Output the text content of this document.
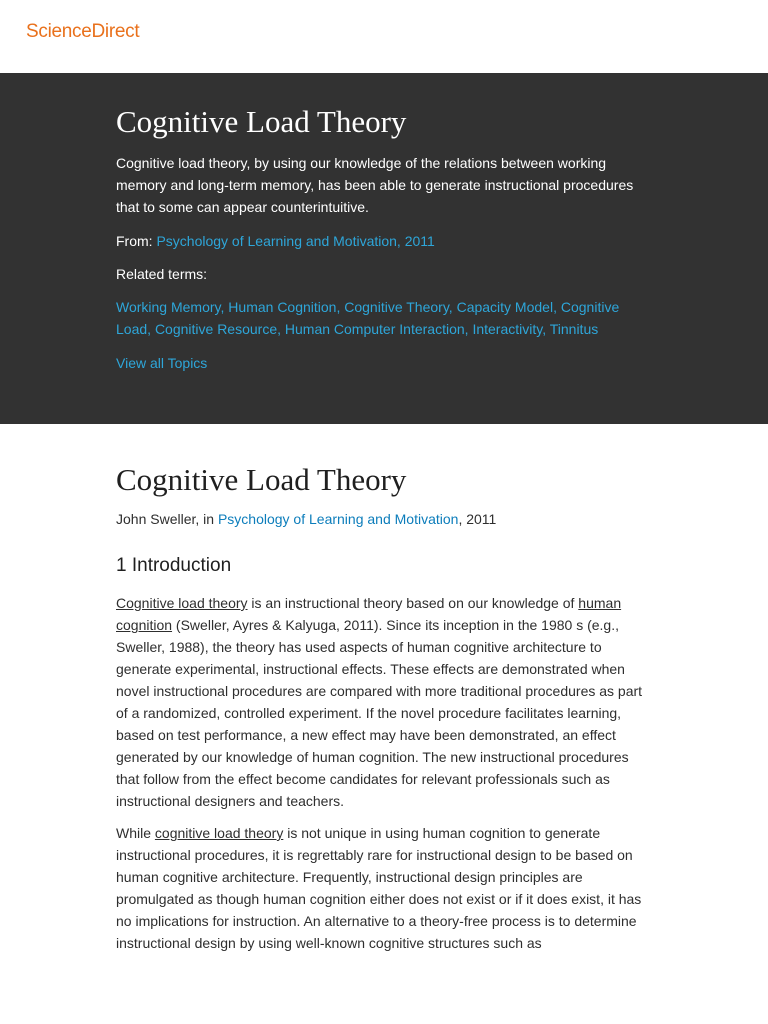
ScienceDirect
Cognitive Load Theory

Cognitive load theory, by using our knowledge of the relations between working memory and long-term memory, has been able to generate instructional procedures that to some can appear counterintuitive.

From: Psychology of Learning and Motivation, 2011

Related terms:

Working Memory, Human Cognition, Cognitive Theory, Capacity Model, Cognitive Load, Cognitive Resource, Human Computer Interaction, Interactivity, Tinnitus

View all Topics

Cognitive Load Theory

John Sweller, in Psychology of Learning and Motivation, 2011

1 Introduction

Cognitive load theory is an instructional theory based on our knowledge of human cognition (Sweller, Ayres & Kalyuga, 2011). Since its inception in the 1980 s (e.g., Sweller, 1988), the theory has used aspects of human cognitive architecture to generate experimental, instructional effects. These effects are demonstrated when novel instructional procedures are compared with more traditional procedures as part of a randomized, controlled experiment. If the novel procedure facilitates learning, based on test performance, a new effect may have been demonstrated, an effect generated by our knowledge of human cognition. The new instructional procedures that follow from the effect become candidates for relevant professionals such as instructional designers and teachers.

While cognitive load theory is not unique in using human cognition to generate instructional procedures, it is regrettably rare for instructional design to be based on human cognitive architecture. Frequently, instructional design principles are promulgated as though human cognition either does not exist or if it does exist, it has no implications for instruction. An alternative to a theory-free process is to determine instructional design by using well-known cognitive structures such as
